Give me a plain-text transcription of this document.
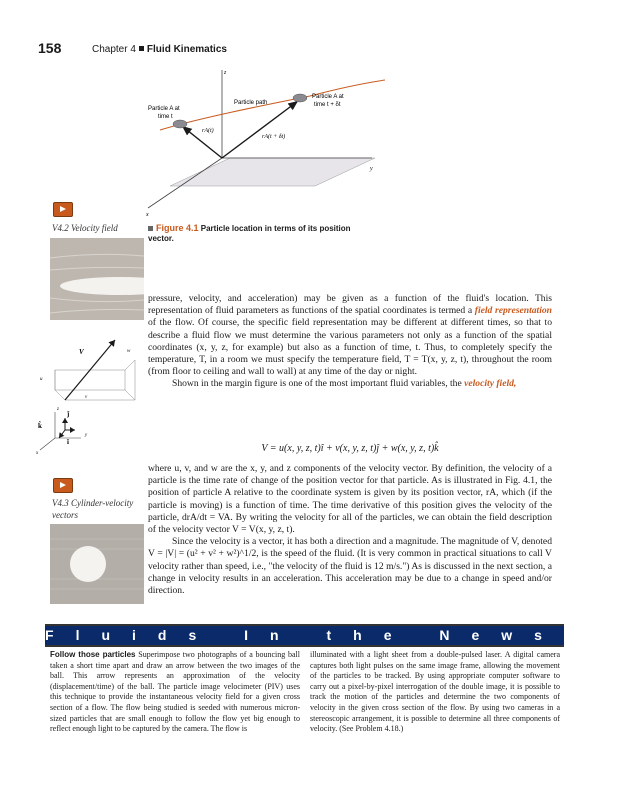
158	Chapter 4 Fluid Kinematics
z
y
x
Particle A at
time t
Particle path
Particle A at
time t + δt
rA(t)
rA(t + δt)
Figure 4.1 Particle location in terms of its position vector.
V4.2 Velocity field
V	w
u
v
z
y
x
k̂
ĵ
î
V4.3 Cylinder-velocity vectors

pressure, velocity, and acceleration) may be given as a function of the fluid's location. This representation of fluid parameters as functions of the spatial coordinates is termed a field representation of the flow. Of course, the specific field representation may be different at different times, so that to describe a fluid flow we must determine the various parameters not only as a function of the spatial coordinates (x, y, z, for example) but also as a function of time, t. Thus, to completely specify the temperature, T, in a room we must specify the temperature field, T = T(x, y, z, t), throughout the room (from floor to ceiling and wall to wall) at any time of the day or night.

Shown in the margin figure is one of the most important fluid variables, the velocity field,

V = u(x, y, z, t)î + v(x, y, z, t)ĵ + w(x, y, z, t)k̂

where u, v, and w are the x, y, and z components of the velocity vector. By definition, the velocity of a particle is the time rate of change of the position vector for that particle. As is illustrated in Fig. 4.1, the position of particle A relative to the coordinate system is given by its position vector, rA, which (if the particle is moving) is a function of time. The time derivative of this position gives the velocity of the particle, drA/dt = VA. By writing the velocity for all of the particles, we can obtain the field description of the velocity vector V = V(x, y, z, t).

Since the velocity is a vector, it has both a direction and a magnitude. The magnitude of V, denoted V = |V| = (u² + v² + w²)^1/2, is the speed of the fluid. (It is very common in practical situations to call V velocity rather than speed, i.e., "the velocity of the fluid is 12 m/s.") As is discussed in the next section, a change in velocity results in an acceleration. This acceleration may be due to a change in speed and/or direction.

Fluids In the News
Follow those particles Superimpose two photographs of a bouncing ball taken a short time apart and draw an arrow between the two images of the ball. This arrow represents an approximation of the velocity (displacement/time) of the ball. The particle image velocimeter (PIV) uses this technique to provide the instantaneous velocity field for a given cross section of a flow. The flow being studied is seeded with numerous micron-sized particles that are small enough to follow the flow yet big enough to reflect enough light to be captured by the camera. The flow is
illuminated with a light sheet from a double-pulsed laser. A digital camera captures both light pulses on the same image frame, allowing the movement of the particles to be tracked. By using appropriate computer software to carry out a pixel-by-pixel interrogation of the double image, it is possible to track the motion of the particles and determine the two components of velocity in the given cross section of the flow. By using two cameras in a stereoscopic arrangement, it is possible to determine all three components of velocity. (See Problem 4.18.)
